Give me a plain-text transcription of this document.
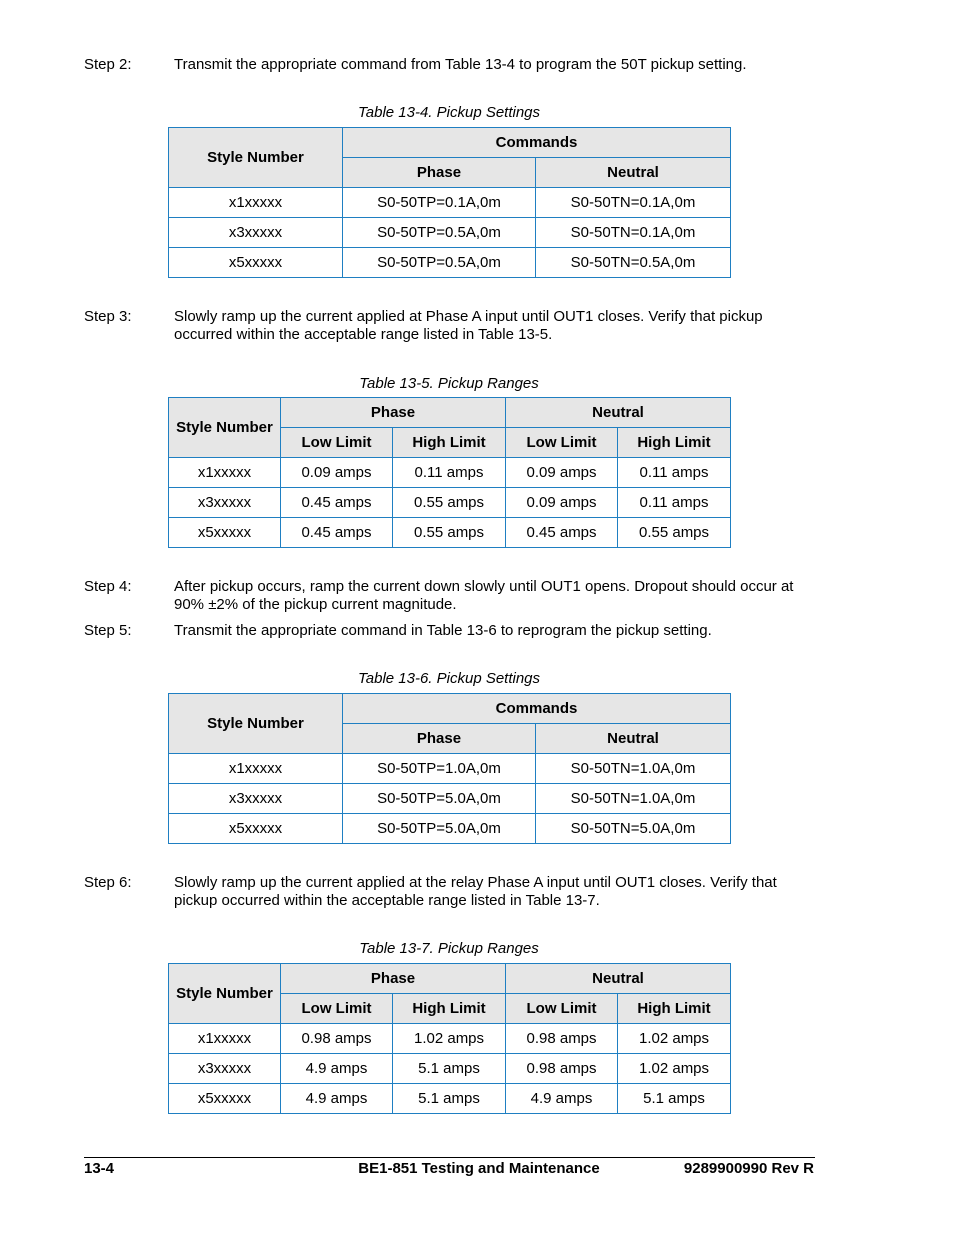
Step 2:	Transmit the appropriate command from Table 13-4 to program the 50T pickup setting.
Table 13-4. Pickup Settings
Style Number	Commands	
	Phase	Neutral
x1xxxxx	S0-50TP=0.1A,0m	S0-50TN=0.1A,0m
x3xxxxx	S0-50TP=0.5A,0m	S0-50TN=0.1A,0m
x5xxxxx	S0-50TP=0.5A,0m	S0-50TN=0.5A,0m
Step 3:	Slowly ramp up the current applied at Phase A input until OUT1 closes. Verify that pickup occurred within the acceptable range listed in Table 13-5.
Table 13-5. Pickup Ranges
Style Number	Phase		Neutral	
	Low Limit	High Limit	Low Limit	High Limit
x1xxxxx	0.09 amps	0.11 amps	0.09 amps	0.11 amps
x3xxxxx	0.45 amps	0.55 amps	0.09 amps	0.11 amps
x5xxxxx	0.45 amps	0.55 amps	0.45 amps	0.55 amps
Step 4:	After pickup occurs, ramp the current down slowly until OUT1 opens. Dropout should occur at 90% ±2% of the pickup current magnitude.
Step 5:	Transmit the appropriate command in Table 13-6 to reprogram the pickup setting.
Table 13-6. Pickup Settings
Style Number	Commands	
	Phase	Neutral
x1xxxxx	S0-50TP=1.0A,0m	S0-50TN=1.0A,0m
x3xxxxx	S0-50TP=5.0A,0m	S0-50TN=1.0A,0m
x5xxxxx	S0-50TP=5.0A,0m	S0-50TN=5.0A,0m
Step 6:	Slowly ramp up the current applied at the relay Phase A input until OUT1 closes. Verify that pickup occurred within the acceptable range listed in Table 13-7.
Table 13-7. Pickup Ranges
Style Number	Phase		Neutral	
	Low Limit	High Limit	Low Limit	High Limit
x1xxxxx	0.98 amps	1.02 amps	0.98 amps	1.02 amps
x3xxxxx	4.9 amps	5.1 amps	0.98 amps	1.02 amps
x5xxxxx	4.9 amps	5.1 amps	4.9 amps	5.1 amps
13-4	BE1-851 Testing and Maintenance	9289900990 Rev R
